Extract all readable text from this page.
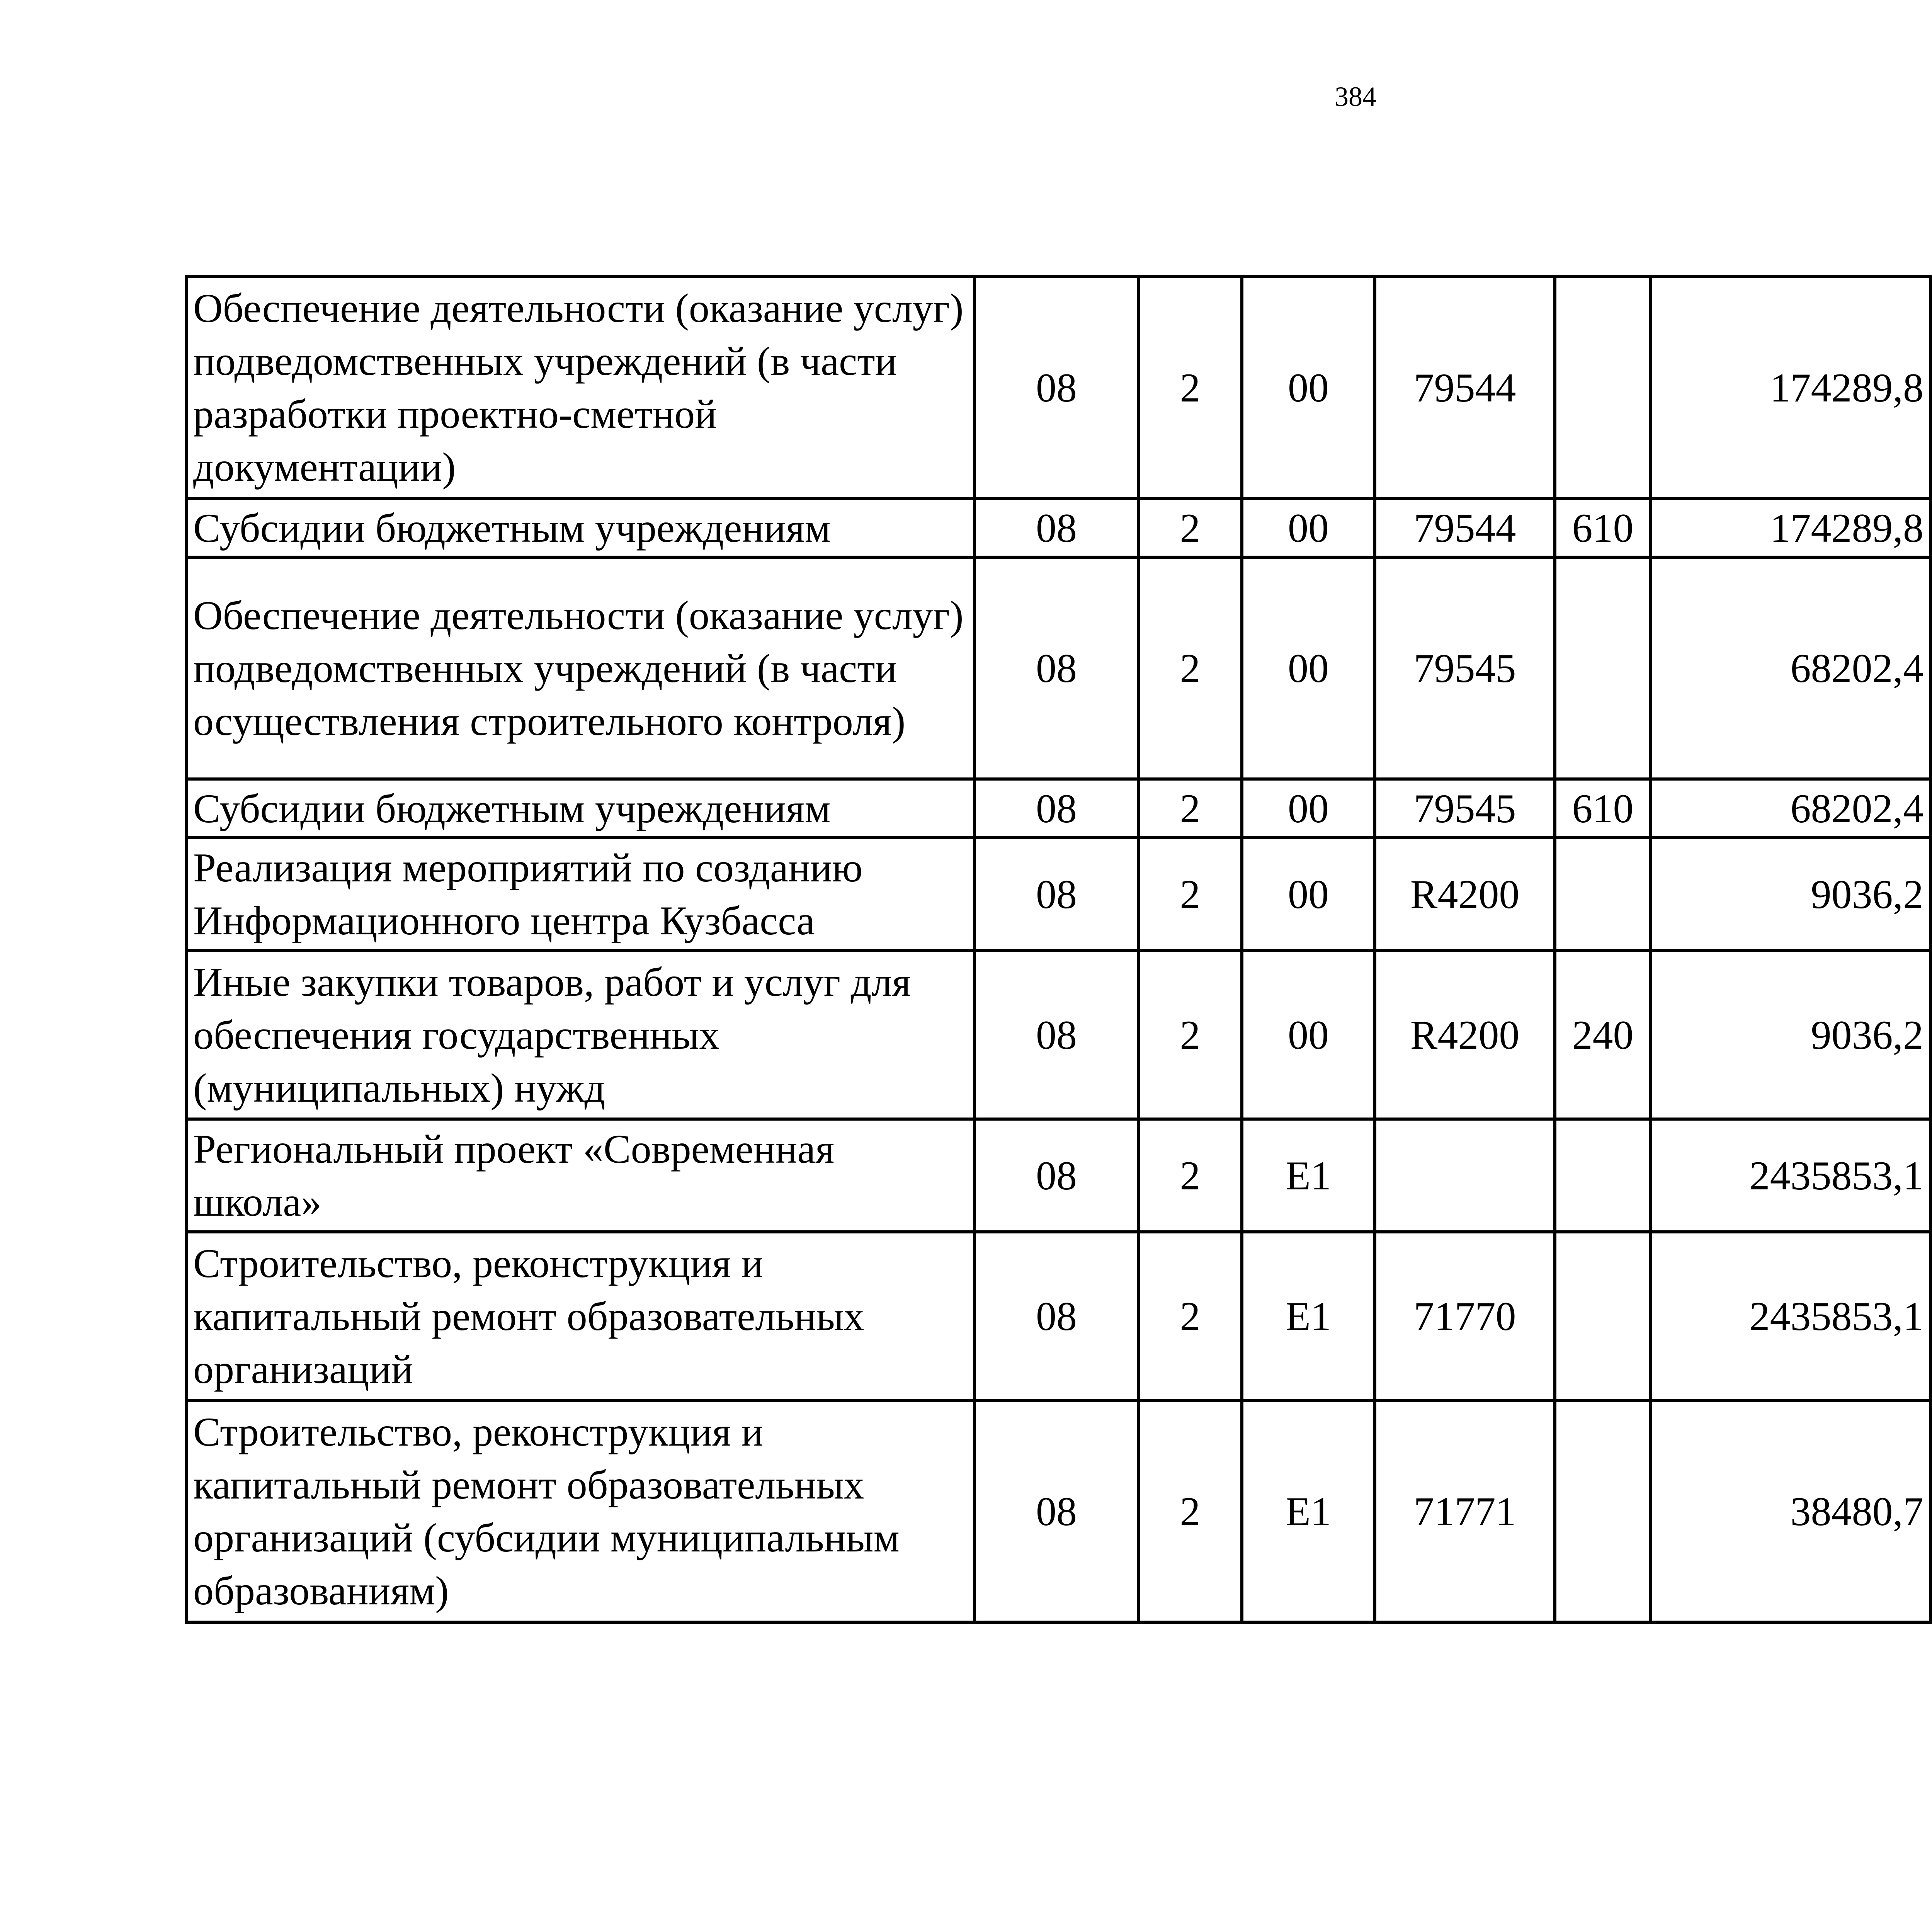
384
Обеспечение деятельности (оказание услуг) подведомственных учреждений (в части разработки проектно-сметной документации)	08	2	00	79544		174289,8		
Субсидии бюджетным учреждениям	08	2	00	79544	610	174289,8		
Обеспечение деятельности (оказание услуг) подведомственных учреждений (в части осуществления строительного контроля)	08	2	00	79545		68202,4		
Субсидии бюджетным учреждениям	08	2	00	79545	610	68202,4		
Реализация мероприятий по созданию Информационного центра Кузбасса	08	2	00	R4200		9036,2		
Иные закупки товаров, работ и услуг для обеспечения государственных (муниципальных) нужд	08	2	00	R4200	240	9036,2		
Региональный проект «Современная школа»	08	2	E1			2435853,1		
Строительство, реконструкция и капитальный ремонт образовательных организаций	08	2	E1	71770		2435853,1		
Строительство, реконструкция и капитальный ремонт образовательных организаций (субсидии муниципальным образованиям)	08	2	E1	71771		38480,7		
